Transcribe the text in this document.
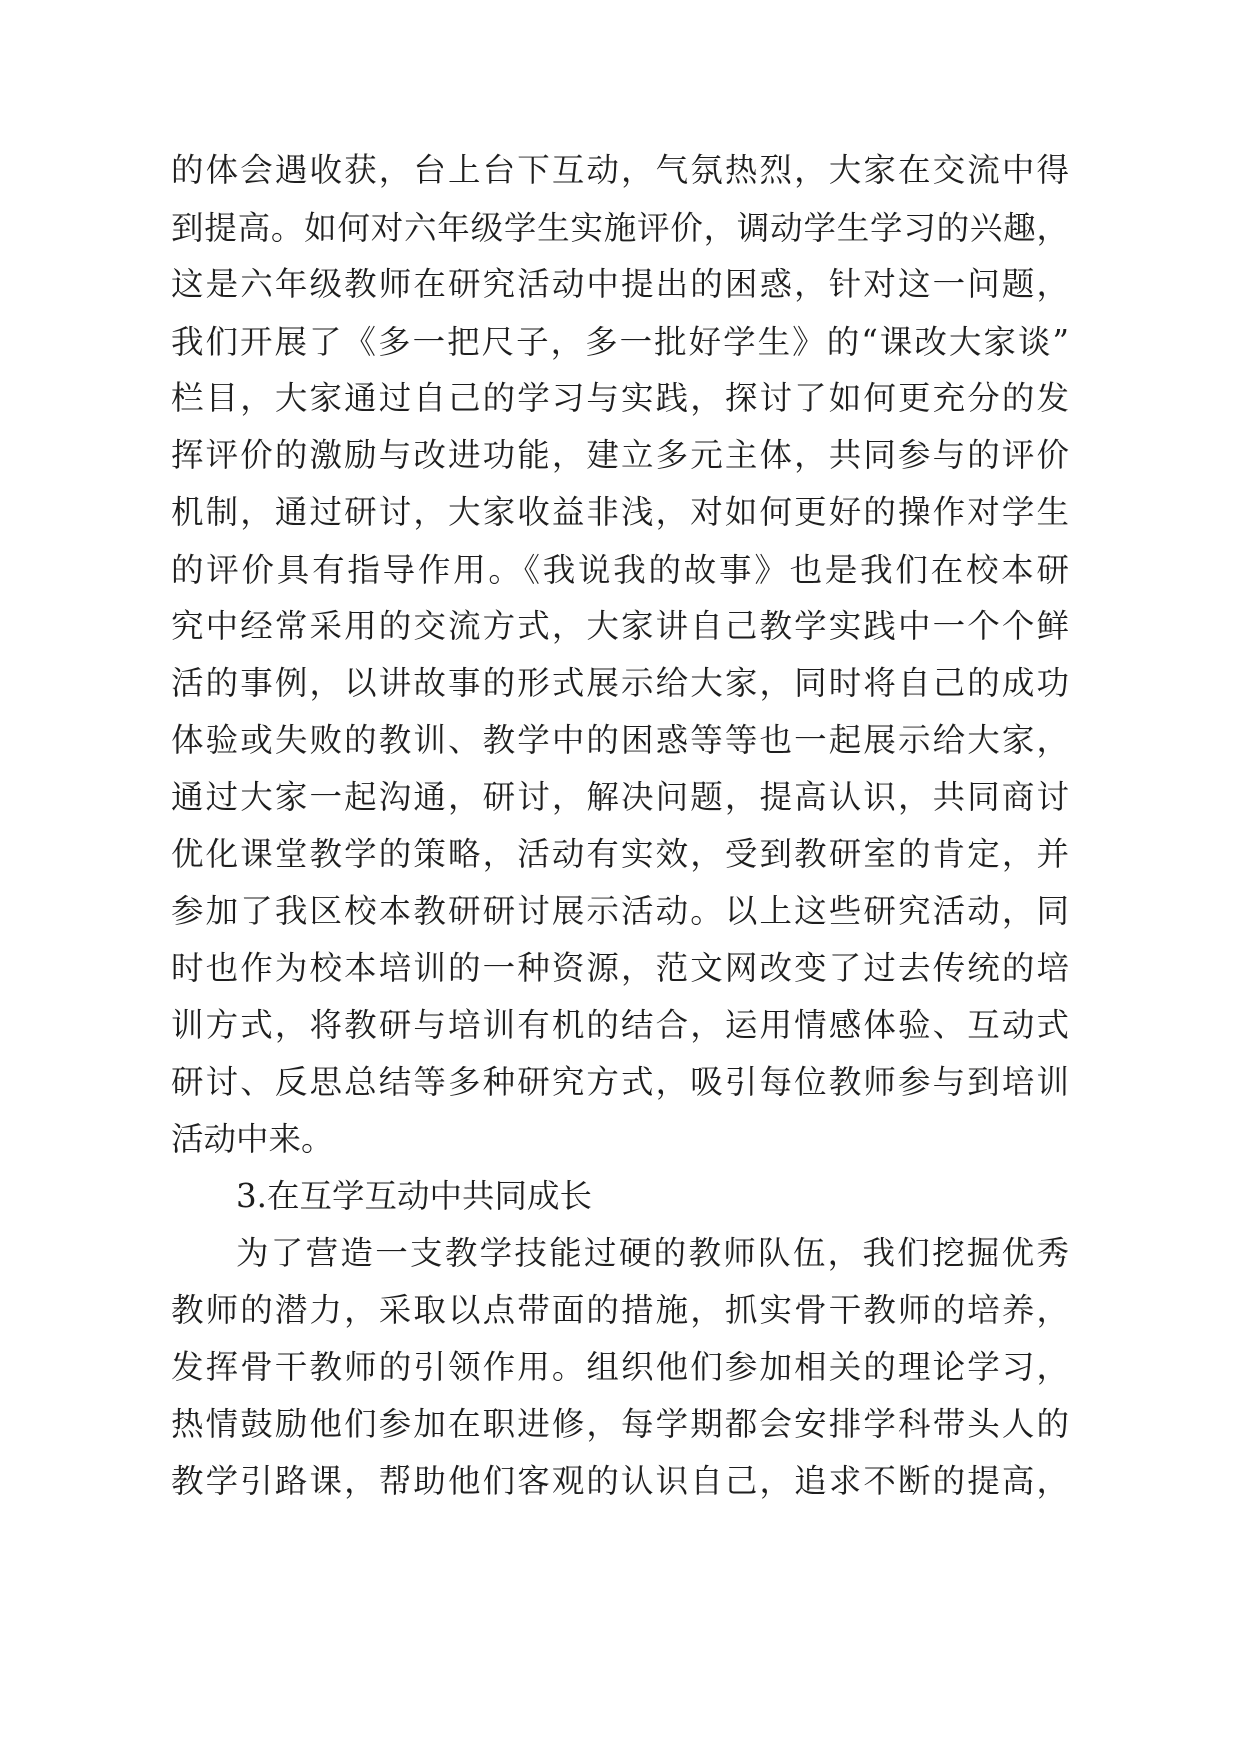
的体会遇收获，台上台下互动，气氛热烈，大家在交流中得
到提高。如何对六年级学生实施评价，调动学生学习的兴趣，
这是六年级教师在研究活动中提出的困惑，针对这一问题，
我们开展了《多一把尺子，多一批好学生》的“课改大家谈”
栏目，大家通过自己的学习与实践，探讨了如何更充分的发
挥评价的激励与改进功能，建立多元主体，共同参与的评价
机制，通过研讨，大家收益非浅，对如何更好的操作对学生
的评价具有指导作用。《我说我的故事》也是我们在校本研
究中经常采用的交流方式，大家讲自己教学实践中一个个鲜
活的事例，以讲故事的形式展示给大家，同时将自己的成功
体验或失败的教训、教学中的困惑等等也一起展示给大家，
通过大家一起沟通，研讨，解决问题，提高认识，共同商讨
优化课堂教学的策略，活动有实效，受到教研室的肯定，并
参加了我区校本教研研讨展示活动。以上这些研究活动，同
时也作为校本培训的一种资源，范文网改变了过去传统的培
训方式，将教研与培训有机的结合，运用情感体验、互动式
研讨、反思总结等多种研究方式，吸引每位教师参与到培训
活动中来。
3.在互学互动中共同成长
为了营造一支教学技能过硬的教师队伍，我们挖掘优秀
教师的潜力，采取以点带面的措施，抓实骨干教师的培养，
发挥骨干教师的引领作用。组织他们参加相关的理论学习，
热情鼓励他们参加在职进修，每学期都会安排学科带头人的
教学引路课，帮助他们客观的认识自己，追求不断的提高，
